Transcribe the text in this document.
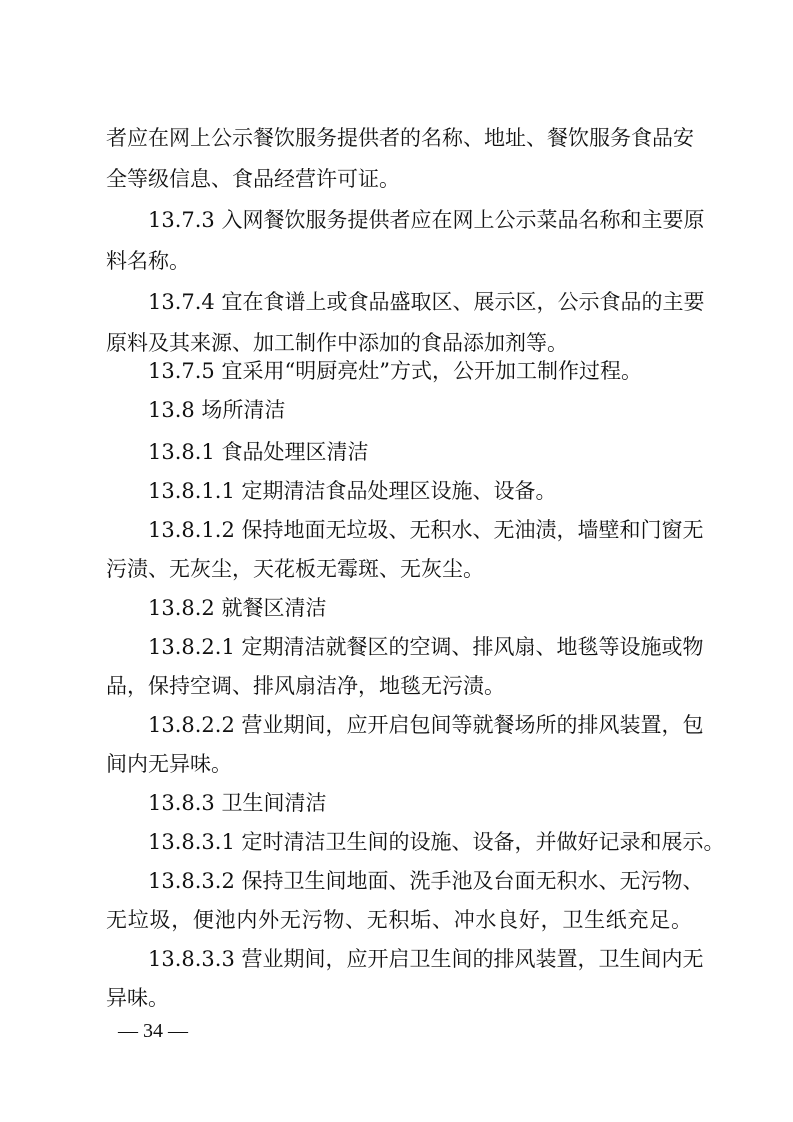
者应在网上公示餐饮服务提供者的名称、地址、餐饮服务食品安
全等级信息、食品经营许可证。
13.7.3 入网餐饮服务提供者应在网上公示菜品名称和主要原
料名称。
13.7.4 宜在食谱上或食品盛取区、展示区，公示食品的主要
原料及其来源、加工制作中添加的食品添加剂等。
13.7.5 宜采用“明厨亮灶”方式，公开加工制作过程。
13.8 场所清洁
13.8.1 食品处理区清洁
13.8.1.1 定期清洁食品处理区设施、设备。
13.8.1.2 保持地面无垃圾、无积水、无油渍，墙壁和门窗无
污渍、无灰尘，天花板无霉斑、无灰尘。
13.8.2 就餐区清洁
13.8.2.1 定期清洁就餐区的空调、排风扇、地毯等设施或物
品，保持空调、排风扇洁净，地毯无污渍。
13.8.2.2 营业期间，应开启包间等就餐场所的排风装置，包
间内无异味。
13.8.3 卫生间清洁
13.8.3.1 定时清洁卫生间的设施、设备，并做好记录和展示。
13.8.3.2 保持卫生间地面、洗手池及台面无积水、无污物、
无垃圾，便池内外无污物、无积垢、冲水良好，卫生纸充足。
13.8.3.3 营业期间，应开启卫生间的排风装置，卫生间内无
异味。
— 34 —
